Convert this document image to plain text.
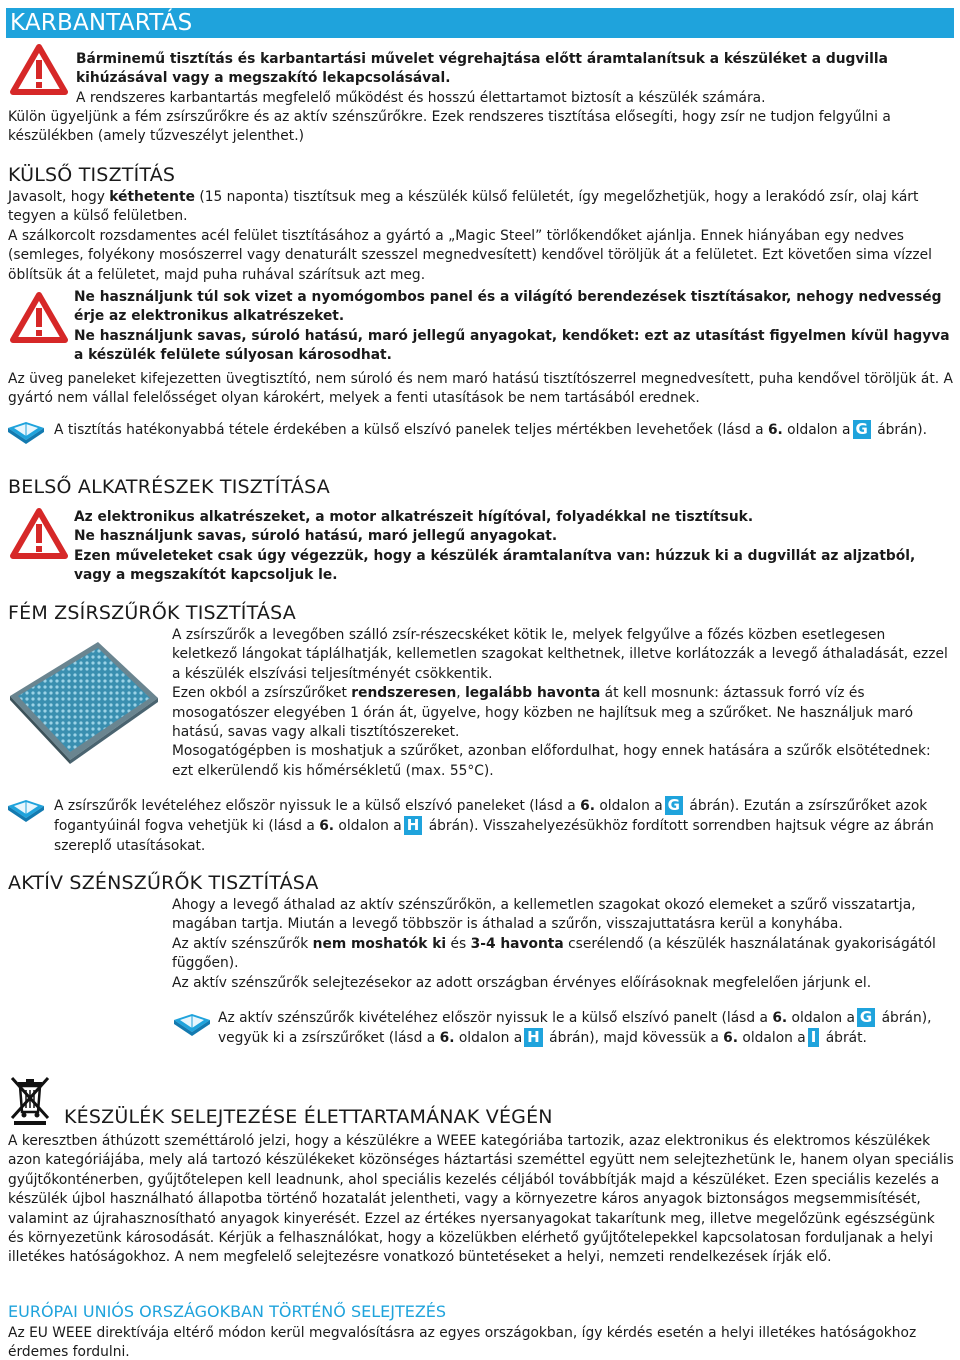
KARBANTARTÁS

Bárminemű tisztítás és karbantartási művelet végrehajtása előtt áramtalanítsuk a készüléket a dugvilla kihúzásával vagy a megszakító lekapcsolásával.

A rendszeres karbantartás megfelelő működést és hosszú élettartamot biztosít a készülék számára.

Külön ügyeljünk a fém zsírszűrőkre és az aktív szénszűrőkre. Ezek rendszeres tisztítása elősegíti, hogy zsír ne tudjon felgyűlni a készülékben (amely tűzveszélyt jelenthet.)

KÜLSŐ TISZTÍTÁS

Javasolt, hogy kéthetente (15 naponta) tisztítsuk meg a készülék külső felületét, így megelőzhetjük, hogy a lerakódó zsír, olaj kárt tegyen a külső felületben.

A szálkorcolt rozsdamentes acél felület tisztításához a gyártó a „Magic Steel” törlőkendőket ajánlja. Ennek hiányában egy nedves (semleges, folyékony mosószerrel vagy denaturált szesszel megnedvesített) kendővel töröljük át a felületet. Ezt követően sima vízzel öblítsük át a felületet, majd puha ruhával szárítsuk azt meg.

Ne használjunk túl sok vizet a nyomógombos panel és a világító berendezések tisztításakor, nehogy nedvesség érje az elektronikus alkatrészeket.

Ne használjunk savas, súroló hatású, maró jellegű anyagokat, kendőket: ezt az utasítást figyelmen kívül hagyva a készülék felülete súlyosan károsodhat.

Az üveg paneleket kifejezetten üvegtisztító, nem súroló és nem maró hatású tisztítószerrel megnedvesített, puha kendővel töröljük át. A gyártó nem vállal felelősséget olyan károkért, melyek a fenti utasítások be nem tartásából erednek.

A tisztítás hatékonyabbá tétele érdekében a külső elszívó panelek teljes mértékben levehetőek (lásd a 6. oldalon a G ábrán).

BELSŐ ALKATRÉSZEK TISZTÍTÁSA

Az elektronikus alkatrészeket, a motor alkatrészeit hígítóval, folyadékkal ne tisztítsuk.

Ne használjunk savas, súroló hatású, maró jellegű anyagokat.

Ezen műveleteket csak úgy végezzük, hogy a készülék áramtalanítva van: húzzuk ki a dugvillát az aljzatból, vagy a megszakítót kapcsoljuk le.

FÉM ZSÍRSZŰRŐK TISZTÍTÁSA

A zsírszűrők a levegőben szálló zsír-részecskéket kötik le, melyek felgyűlve a főzés közben esetlegesen keletkező lángokat táplálhatják, kellemetlen szagokat kelthetnek, illetve korlátozzák a levegő áthaladását, ezzel a készülék elszívási teljesítményét csökkentik.

Ezen okból a zsírszűrőket rendszeresen, legalább havonta át kell mosnunk: áztassuk forró víz és mosogatószer elegyében 1 órán át, ügyelve, hogy közben ne hajlítsuk meg a szűrőket. Ne használjuk maró hatású, savas vagy alkali tisztítószereket.

Mosogatógépben is moshatjuk a szűrőket, azonban előfordulhat, hogy ennek hatására a szűrők elsötétednek: ezt elkerülendő kis hőmérsékletű (max. 55°C).

A zsírszűrők levételéhez először nyissuk le a külső elszívó paneleket (lásd a 6. oldalon a G ábrán). Ezután a zsírszűrőket azok fogantyúinál fogva vehetjük ki (lásd a 6. oldalon a H ábrán). Visszahelyezésükhöz fordított sorrendben hajtsuk végre az ábrán szereplő utasításokat.

AKTÍV SZÉNSZŰRŐK TISZTÍTÁSA

Ahogy a levegő áthalad az aktív szénszűrőkön, a kellemetlen szagokat okozó elemeket a szűrő visszatartja, magában tartja. Miután a levegő többször is áthalad a szűrőn, visszajuttatásra kerül a konyhába.

Az aktív szénszűrők nem moshatók ki és 3-4 havonta cserélendő (a készülék használatának gyakoriságától függően).

Az aktív szénszűrők selejtezésekor az adott országban érvényes előírásoknak megfelelően járjunk el.

Az aktív szénszűrők kivételéhez először nyissuk le a külső elszívó panelt (lásd a 6. oldalon a G ábrán), vegyük ki a zsírszűrőket (lásd a 6. oldalon a H ábrán), majd kövessük a 6. oldalon a I ábrát.

KÉSZÜLÉK SELEJTEZÉSE ÉLETTARTAMÁNAK VÉGÉN
A keresztben áthúzott szeméttároló jelzi, hogy a készülékre a WEEE kategóriába tartozik, azaz elektronikus és elektromos készülékek azon kategóriájába, mely alá tartozó készülékeket közönséges háztartási szeméttel együtt nem selejtezhetünk le, hanem olyan speciális gyűjtőkonténerben, gyűjtőtelepen kell leadnunk, ahol speciális kezelés céljából továbbítják majd a készüléket. Ezen speciális kezelés a készülék újbol használható állapotba történő hozatalát jelentheti, vagy a környezetre káros anyagok biztonságos megsemmisítését, valamint az újrahasznosítható anyagok kinyerését. Ezzel az értékes nyersanyagokat takarítunk meg, illetve megelőzünk egészségünk és környezetünk károsodását. Kérjük a felhasználókat, hogy a közelükben elérhető gyűjtőtelepekkel kapcsolatosan forduljanak a helyi illetékes hatóságokhoz. A nem megfelelő selejtezésre vonatkozó büntetéseket a helyi, nemzeti rendelkezések írják elő.
EURÓPAI UNIÓS ORSZÁGOKBAN TÖRTÉNŐ SELEJTEZÉS
Az EU WEEE direktívája eltérő módon kerül megvalósításra az egyes országokban, így kérdés esetén a helyi illetékes hatóságokhoz érdemes fordulni.
